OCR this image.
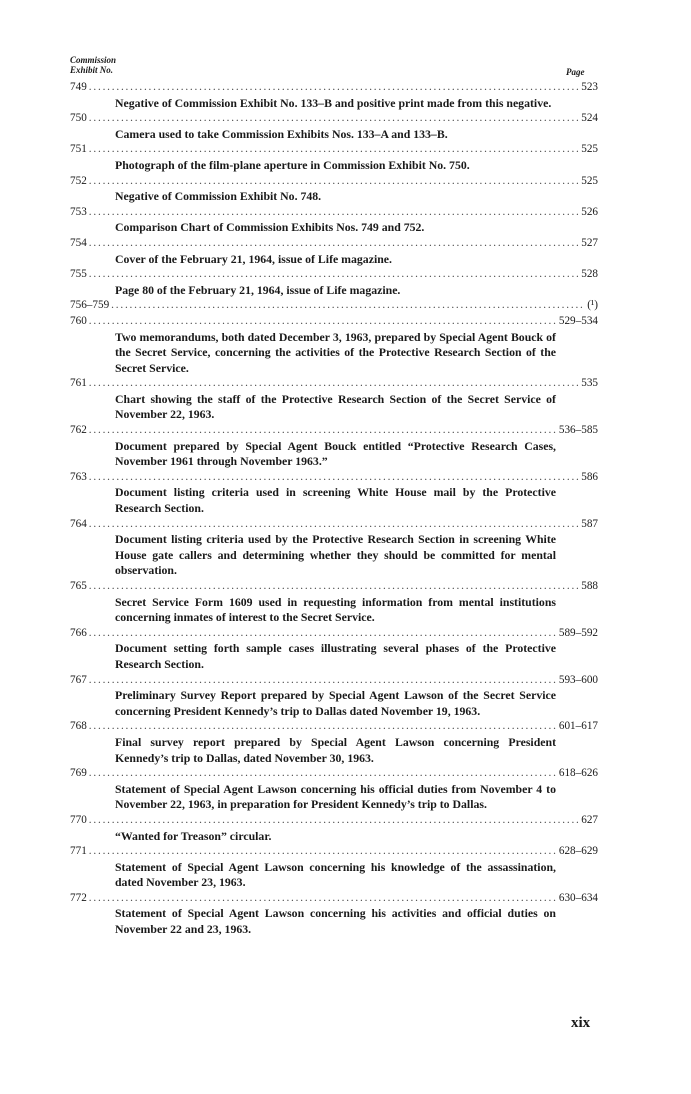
Commission
Exhibit No.	Page
749 .....	523
Negative of Commission Exhibit No. 133–B and positive print made from this negative.
750 .....	524
Camera used to take Commission Exhibits Nos. 133–A and 133–B.
751 .....	525
Photograph of the film-plane aperture in Commission Exhibit No. 750.
752 .....	525
Negative of Commission Exhibit No. 748.
753 .....	526
Comparison Chart of Commission Exhibits Nos. 749 and 752.
754 .....	527
Cover of the February 21, 1964, issue of Life magazine.
755 .....	528
Page 80 of the February 21, 1964, issue of Life magazine.
756–759 .....	(¹)
760 .....	529–534
Two memorandums, both dated December 3, 1963, prepared by Special Agent Bouck of the Secret Service, concerning the activities of the Protective Research Section of the Secret Service.
761 .....	535
Chart showing the staff of the Protective Research Section of the Secret Service of November 22, 1963.
762 .....	536–585
Document prepared by Special Agent Bouck entitled “Protective Research Cases, November 1961 through November 1963.”
763 .....	586
Document listing criteria used in screening White House mail by the Protective Research Section.
764 .....	587
Document listing criteria used by the Protective Research Section in screening White House gate callers and determining whether they should be committed for mental observation.
765 .....	588
Secret Service Form 1609 used in requesting information from mental institutions concerning inmates of interest to the Secret Service.
766 .....	589–592
Document setting forth sample cases illustrating several phases of the Protective Research Section.
767 .....	593–600
Preliminary Survey Report prepared by Special Agent Lawson of the Secret Service concerning President Kennedy’s trip to Dallas dated November 19, 1963.
768 .....	601–617
Final survey report prepared by Special Agent Lawson concerning President Kennedy’s trip to Dallas, dated November 30, 1963.
769 .....	618–626
Statement of Special Agent Lawson concerning his official duties from November 4 to November 22, 1963, in preparation for President Kennedy’s trip to Dallas.
770 .....	627
“Wanted for Treason” circular.
771 .....	628–629
Statement of Special Agent Lawson concerning his knowledge of the assassination, dated November 23, 1963.
772 .....	630–634
Statement of Special Agent Lawson concerning his activities and official duties on November 22 and 23, 1963.
xix
